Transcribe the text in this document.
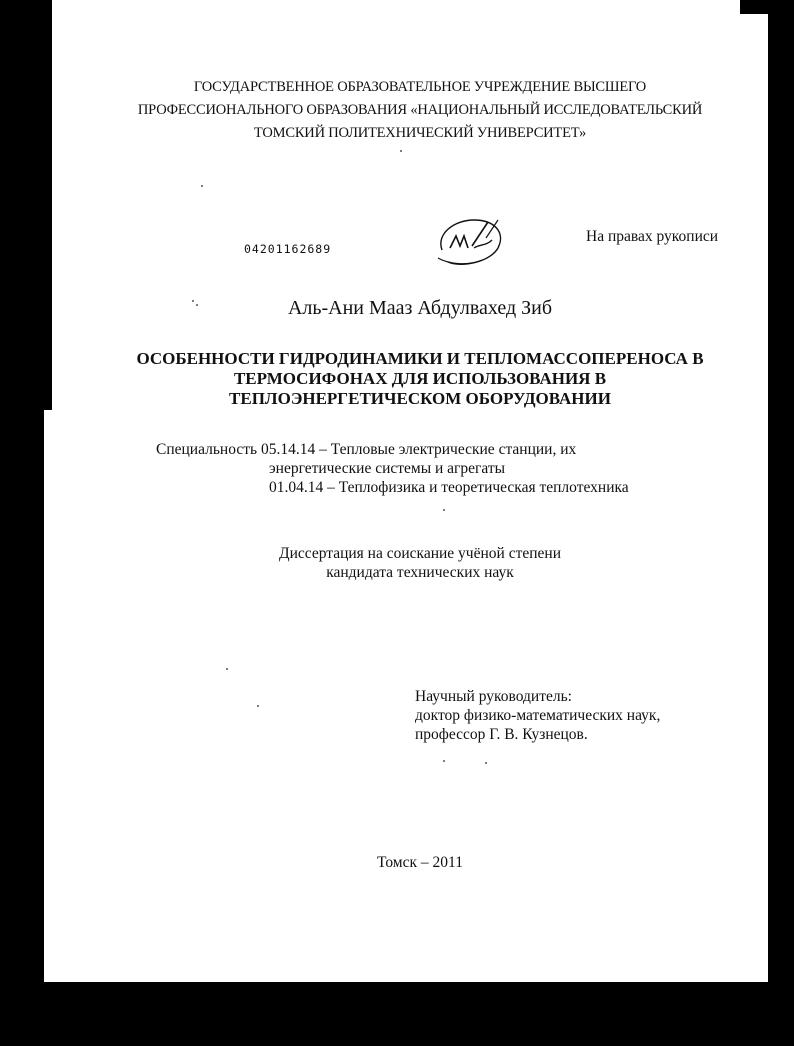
ГОСУДАРСТВЕННОЕ ОБРАЗОВАТЕЛЬНОЕ УЧРЕЖДЕНИЕ ВЫСШЕГО
ПРОФЕССИОНАЛЬНОГО ОБРАЗОВАНИЯ «НАЦИОНАЛЬНЫЙ ИССЛЕДОВАТЕЛЬСКИЙ
ТОМСКИЙ ПОЛИТЕХНИЧЕСКИЙ УНИВЕРСИТЕТ»
04201162689
На правах рукописи
Аль-Ани Мааз Абдулвахед Зиб
ОСОБЕННОСТИ ГИДРОДИНАМИКИ И ТЕПЛОМАССОПЕРЕНОСА В
ТЕРМОСИФОНАХ ДЛЯ ИСПОЛЬЗОВАНИЯ В
ТЕПЛОЭНЕРГЕТИЧЕСКОМ ОБОРУДОВАНИИ
Специальность 05.14.14 – Тепловые электрические станции, их
энергетические системы и агрегаты
01.04.14 – Теплофизика и теоретическая теплотехника
Диссертация на соискание учёной степени
кандидата технических наук
Научный руководитель:
доктор физико-математических наук,
профессор Г. В. Кузнецов.
Томск – 2011
